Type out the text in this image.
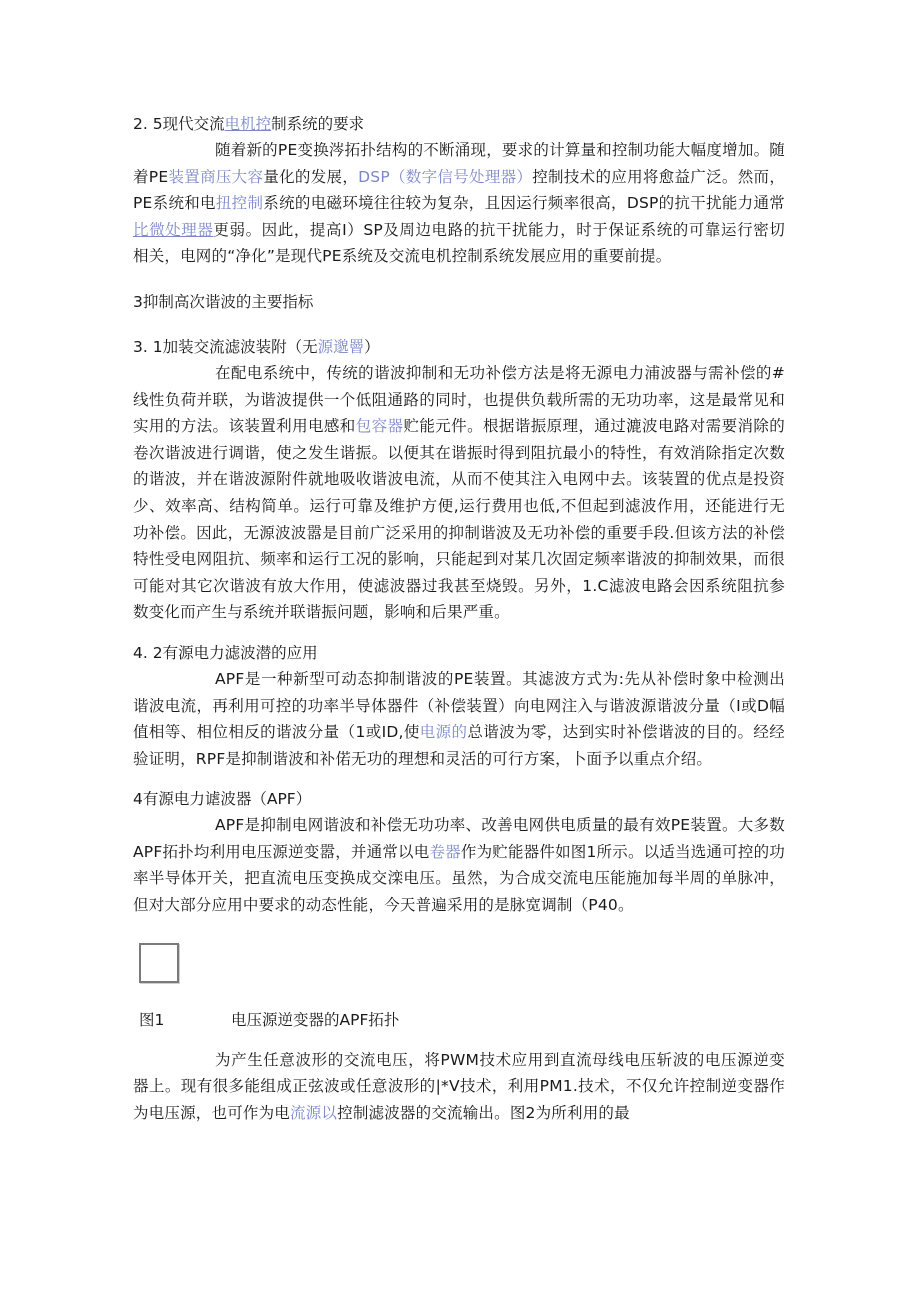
2. 5现代交流电机控制系统的要求

随着新的PE变换涔拓扑结构的不断涌现，要求的计算量和控制功能大幅度增加。随着PE装置商压大容量化的发展，DSP（数字信号处理器）控制技术的应用将愈益广泛。然而，PE系统和电扭控制系统的电磁环境往往较为复杂，且因运行频率很高，DSP的抗干扰能力通常比微处理器更弱。因此，提高I）SP及周边电路的抗干扰能力，时于保证系统的可靠运行密切相关，电网的“净化”是现代PE系统及交流电机控制系统发展应用的重要前提。

3抑制高次谐波的主要指标

3. 1加装交流滤波装附（无源邈罾）

在配电系统中，传统的谐波抑制和无功补偿方法是将无源电力浦波器与需补偿的#线性负荷并联，为谐波提供一个低阻通路的同时，也提供负载所需的无功功率，这是最常见和实用的方法。该装置利用电感和包容器贮能元件。根据谐振原理，通过漉波电路对需要消除的卷次谐波进行调谐，使之发生谐振。以便其在谐振时得到阻抗最小的特性，有效消除指定次数的谐波，并在谐波源附件就地吸收谐波电流，从而不使其注入电网中去。该装置的优点是投资少、效率高、结构简单。运行可靠及维护方便,运行费用也低,不但起到滤波作用，还能进行无功补偿。因此，无源波波嚣是目前广泛采用的抑制谐波及无功补偿的重要手段.但该方法的补偿特性受电网阻抗、频率和运行工况的影响，只能起到对某几次固定频率谐波的抑制效果，而很可能对其它次谐波有放大作用，使滤波器过我甚至烧毁。另外，1.C滤波电路会因系统阻抗参数变化而产生与系统并联谐振问题，影响和后果严重。

4. 2有源电力滤波潜的应用

APF是一种新型可动态抑制谐波的PE装置。其滤波方式为:先从补偿时象中检测出谐波电流，再利用可控的功率半导体器件（补偿装置）向电网注入与谐波源谐波分量（I或D幅值相等、相位相反的谐波分量（1或ID,使电源的总谐波为零，达到实时补偿谐波的目的。经经验证明，RPF是抑制谐波和补偌无功的理想和灵活的可行方案，卜面予以重点介绍。

4有源电力谑波器（APF）

APF是抑制电网谐波和补偿无功功率、改善电网供电质量的最有效PE装置。大多数APF拓扑均利用电压源逆变嚣，并通常以电卷器作为贮能器件如图1所示。以适当选通可控的功率半导体开关，把直流电压变换成交滦电压。虽然，为合成交流电压能施加每半周的单脉冲，但对大部分应用中要求的动态性能，今天普遍采用的是脉宽调制（P40。

图1	电压源逆变器的APF拓扑

为产生任意波形的交流电压，将PWM技术应用到直流母线电压斩波的电压源逆变器上。现有很多能组成正弦波或任意波形的|*V技术，利用PM1.技术，不仅允许控制逆变器作为电压源，也可作为电流源以控制滤波器的交流输出。图2为所利用的最
